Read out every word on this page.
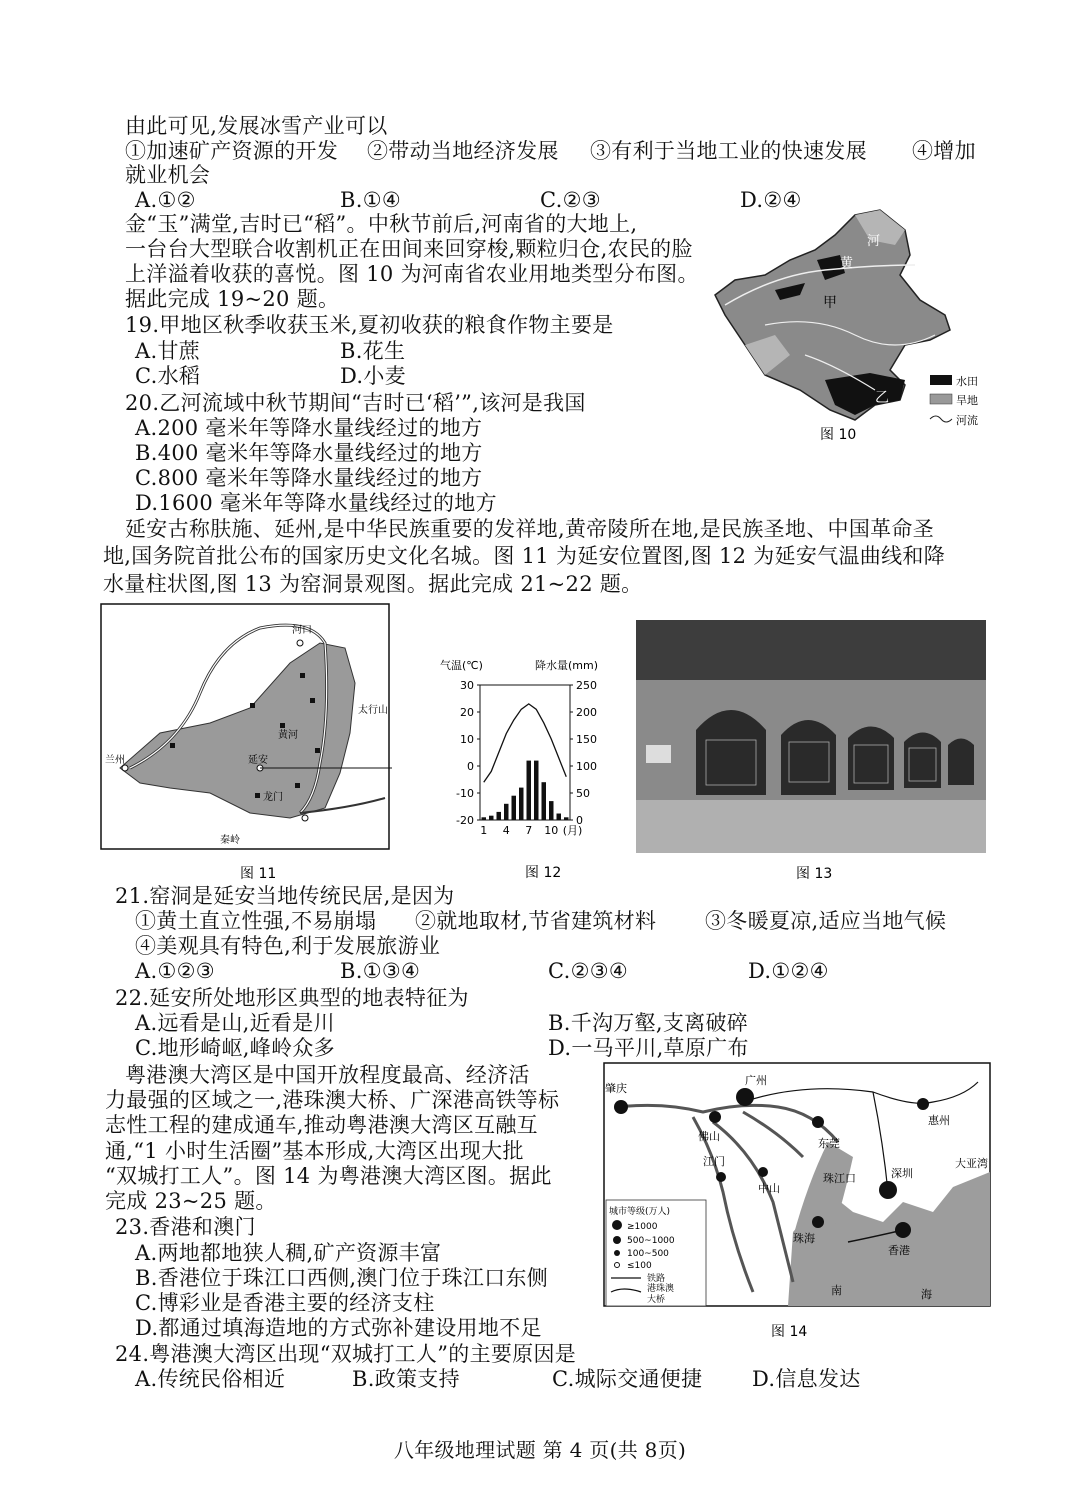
由此可见,发展冰雪产业可以
①加速矿产资源的开发 ②带动当地经济发展 ③有利于当地工业的快速发展 ④增加
就业机会
A.①②	B.①④	C.②③	D.②④
金“玉”满堂,吉时已“稻”。中秋节前后,河南省的大地上,
一台台大型联合收割机正在田间来回穿梭,颗粒归仓,农民的脸
上洋溢着收获的喜悦。图 10 为河南省农业用地类型分布图。
据此完成 19~20 题。
19.甲地区秋季收获玉米,夏初收获的粮食作物主要是
A.甘蔗	B.花生
C.水稻	D.小麦
20.乙河流域中秋节期间“吉时已‘稻’”,该河是我国
A.200 毫米年等降水量线经过的地方
B.400 毫米年等降水量线经过的地方
C.800 毫米年等降水量线经过的地方
D.1600 毫米年等降水量线经过的地方
河
黄
甲
乙
水田
旱地
河流
图 10
延安古称肤施、延州,是中华民族重要的发祥地,黄帝陵所在地,是民族圣地、中国革命圣
地,国务院首批公布的国家历史文化名城。图 11 为延安位置图,图 12 为延安气温曲线和降
水量柱状图,图 13 为窑洞景观图。据此完成 21~22 题。
河口
黄河
延安
龙门
太行山
兰州
秦岭
图 11
气温(℃)	降水量(mm)
30
20
10
0
-10
-20
250
200
150
100
50
0
1 4 7 10 (月)
图 12	图 13
21.窑洞是延安当地传统民居,是因为
①黄土直立性强,不易崩塌 ②就地取材,节省建筑材料 ③冬暖夏凉,适应当地气候
④美观具有特色,利于发展旅游业
A.①②③	B.①③④	C.②③④	D.①②④
22.延安所处地形区典型的地表特征为
A.远看是山,近看是川	B.千沟万壑,支离破碎
C.地形崎岖,峰岭众多	D.一马平川,草原广布
粤港澳大湾区是中国开放程度最高、经济活
力最强的区域之一,港珠澳大桥、广深港高铁等标
志性工程的建成通车,推动粤港澳大湾区互融互
通,“1 小时生活圈”基本形成,大湾区出现大批
“双城打工人”。图 14 为粤港澳大湾区图。据此
完成 23~25 题。
肇庆
广州
佛山
东莞
惠州
江门
中山
深圳
珠海
香港
珠江口
大亚湾
南	海
城市等级(万人)
≥1000
500~1000
100~500
≤100
铁路
港珠澳
大桥
图 14
23.香港和澳门
A.两地都地狭人稠,矿产资源丰富
B.香港位于珠江口西侧,澳门位于珠江口东侧
C.博彩业是香港主要的经济支柱
D.都通过填海造地的方式弥补建设用地不足
24.粤港澳大湾区出现“双城打工人”的主要原因是
A.传统民俗相近	B.政策支持	C.城际交通便捷 D.信息发达
八年级地理试题 第 4 页(共 8页)
